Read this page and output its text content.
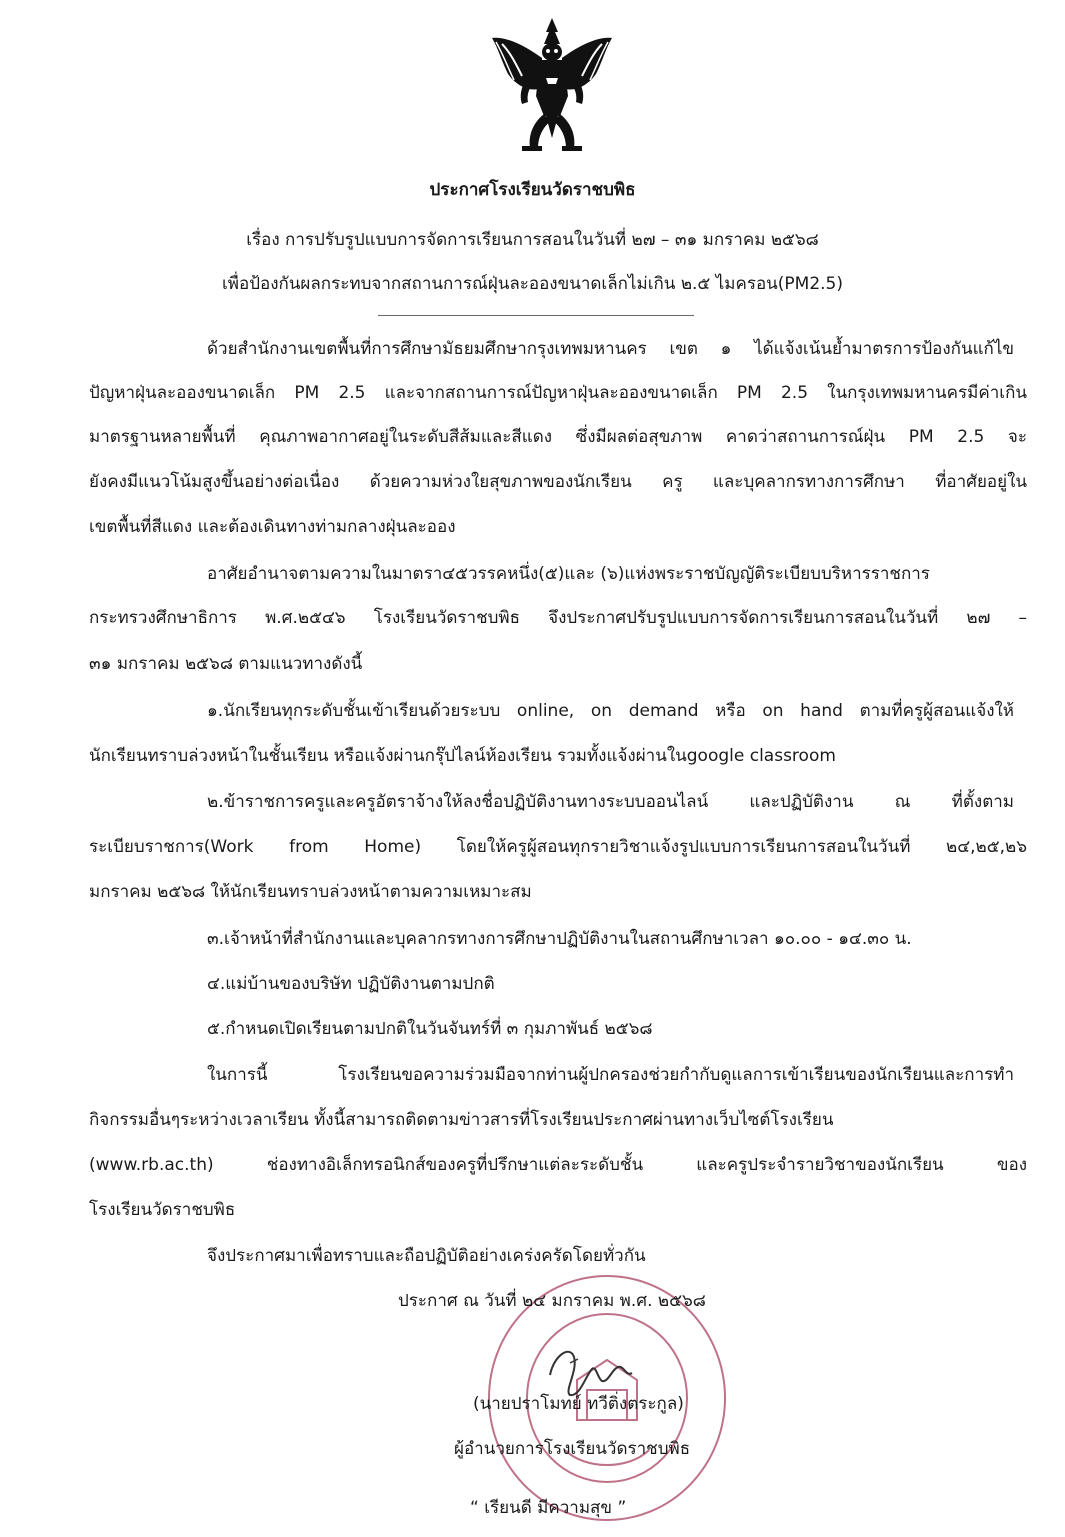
ประกาศโรงเรียนวัดราชบพิธ
เรื่อง การปรับรูปแบบการจัดการเรียนการสอนในวันที่ ๒๗ – ๓๑ มกราคม ๒๕๖๘
เพื่อป้องกันผลกระทบจากสถานการณ์ฝุ่นละอองขนาดเล็กไม่เกิน ๒.๕ ไมครอน(PM2.5)
ด้วยสำนักงานเขตพื้นที่การศึกษามัธยมศึกษากรุงเทพมหานคร เขต ๑ ได้แจ้งเน้นย้ำมาตรการป้องกันแก้ไข
ปัญหาฝุ่นละอองขนาดเล็ก PM 2.5 และจากสถานการณ์ปัญหาฝุ่นละอองขนาดเล็ก PM 2.5 ในกรุงเทพมหานครมีค่าเกิน
มาตรฐานหลายพื้นที่ คุณภาพอากาศอยู่ในระดับสีส้มและสีแดง ซึ่งมีผลต่อสุขภาพ คาดว่าสถานการณ์ฝุ่น PM 2.5 จะ
ยังคงมีแนวโน้มสูงขึ้นอย่างต่อเนื่อง ด้วยความห่วงใยสุขภาพของนักเรียน ครู และบุคลากรทางการศึกษา ที่อาศัยอยู่ใน
เขตพื้นที่สีแดง และต้องเดินทางท่ามกลางฝุ่นละออง
อาศัยอำนาจตามความในมาตรา๔๕วรรคหนึ่ง(๕)และ (๖)แห่งพระราชบัญญัติระเบียบบริหารราชการ
กระทรวงศึกษาธิการ พ.ศ.๒๕๔๖ โรงเรียนวัดราชบพิธ จึงประกาศปรับรูปแบบการจัดการเรียนการสอนในวันที่ ๒๗ –
๓๑ มกราคม ๒๕๖๘ ตามแนวทางดังนี้
๑.นักเรียนทุกระดับชั้นเข้าเรียนด้วยระบบ online, on demand หรือ on hand ตามที่ครูผู้สอนแจ้งให้
นักเรียนทราบล่วงหน้าในชั้นเรียน หรือแจ้งผ่านกรุ๊ปไลน์ห้องเรียน รวมทั้งแจ้งผ่านในgoogle classroom
๒.ข้าราชการครูและครูอัตราจ้างให้ลงชื่อปฏิบัติงานทางระบบออนไลน์ และปฏิบัติงาน ณ ที่ตั้งตาม
ระเบียบราชการ(Work from Home) โดยให้ครูผู้สอนทุกรายวิชาแจ้งรูปแบบการเรียนการสอนในวันที่ ๒๔,๒๕,๒๖
มกราคม ๒๕๖๘ ให้นักเรียนทราบล่วงหน้าตามความเหมาะสม
๓.เจ้าหน้าที่สำนักงานและบุคลากรทางการศึกษาปฏิบัติงานในสถานศึกษาเวลา ๑๐.๐๐ - ๑๔.๓๐ น.
๔.แม่บ้านของบริษัท ปฏิบัติงานตามปกติ
๕.กำหนดเปิดเรียนตามปกติในวันจันทร์ที่ ๓ กุมภาพันธ์ ๒๕๖๘
ในการนี้ โรงเรียนขอความร่วมมือจากท่านผู้ปกครองช่วยกำกับดูแลการเข้าเรียนของนักเรียนและการทำ
กิจกรรมอื่นๆระหว่างเวลาเรียน ทั้งนี้สามารถติดตามข่าวสารที่โรงเรียนประกาศผ่านทางเว็บไซต์โรงเรียน
(www.rb.ac.th) ช่องทางอิเล็กทรอนิกส์ของครูที่ปรึกษาแต่ละระดับชั้น และครูประจำรายวิชาของนักเรียน ของ
โรงเรียนวัดราชบพิธ
จึงประกาศมาเพื่อทราบและถือปฏิบัติอย่างเคร่งครัดโดยทั่วกัน
ประกาศ ณ วันที่ ๒๔ มกราคม พ.ศ. ๒๕๖๘
(นายปราโมทย์ ทวีติ่งตระกูล)
ผู้อำนวยการโรงเรียนวัดราชบพิธ
“ เรียนดี มีความสุข ”
